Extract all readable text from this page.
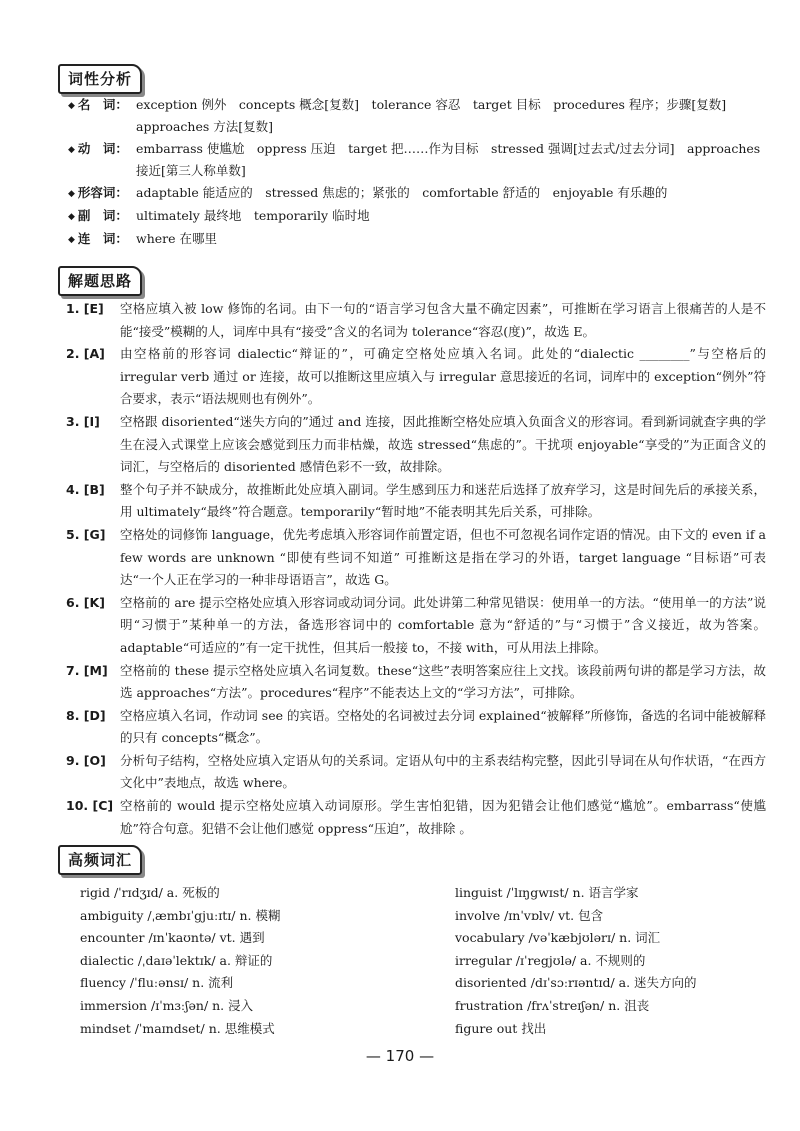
词性分析
◆ 名　词： exception 例外　concepts 概念[复数]　tolerance 容忍　target 目标　procedures 程序；步骤[复数]　approaches 方法[复数]
◆ 动　词： embarrass 使尴尬　oppress 压迫　target 把……作为目标　stressed 强调[过去式/过去分词]　approaches 接近[第三人称单数]
◆ 形容词： adaptable 能适应的　stressed 焦虑的；紧张的　comfortable 舒适的　enjoyable 有乐趣的
◆ 副　词： ultimately 最终地　temporarily 临时地
◆ 连　词： where 在哪里
解题思路
1. [E]	空格应填入被 low 修饰的名词。由下一句的“语言学习包含大量不确定因素”，可推断在学习语言上很痛苦的人是不能“接受”模糊的人，词库中具有“接受”含义的名词为 tolerance“容忍(度)”，故选 E。
2. [A]	由空格前的形容词 dialectic“辩证的”，可确定空格处应填入名词。此处的“dialectic ________”与空格后的 irregular verb 通过 or 连接，故可以推断这里应填入与 irregular 意思接近的名词，词库中的 exception“例外”符合要求，表示“语法规则也有例外”。
3. [I]	空格跟 disoriented“迷失方向的”通过 and 连接，因此推断空格处应填入负面含义的形容词。看到新词就查字典的学生在浸入式课堂上应该会感觉到压力而非枯燥，故选 stressed“焦虑的”。干扰项 enjoyable“享受的”为正面含义的词汇，与空格后的 disoriented 感情色彩不一致，故排除。
4. [B]	整个句子并不缺成分，故推断此处应填入副词。学生感到压力和迷茫后选择了放弃学习，这是时间先后的承接关系，用 ultimately“最终”符合题意。temporarily“暂时地”不能表明其先后关系，可排除。
5. [G]	空格处的词修饰 language，优先考虑填入形容词作前置定语，但也不可忽视名词作定语的情况。由下文的 even if a few words are unknown “即使有些词不知道” 可推断这是指在学习的外语，target language “目标语”可表达“一个人正在学习的一种非母语语言”，故选 G。
6. [K]	空格前的 are 提示空格处应填入形容词或动词分词。此处讲第二种常见错误：使用单一的方法。“使用单一的方法”说明“习惯于”某种单一的方法，备选形容词中的 comfortable 意为“舒适的”与“习惯于”含义接近，故为答案。adaptable“可适应的”有一定干扰性，但其后一般接 to，不接 with，可从用法上排除。
7. [M] 空格前的 these 提示空格处应填入名词复数。these“这些”表明答案应往上文找。该段前两句讲的都是学习方法，故选 approaches“方法”。procedures“程序”不能表达上文的“学习方法”，可排除。
8. [D]	空格应填入名词，作动词 see 的宾语。空格处的名词被过去分词 explained“被解释”所修饰，备选的名词中能被解释的只有 concepts“概念”。
9. [O]	分析句子结构，空格处应填入定语从句的关系词。定语从句中的主系表结构完整，因此引导词在从句作状语，“在西方文化中”表地点，故选 where。
10. [C] 空格前的 would 提示空格处应填入动词原形。学生害怕犯错，因为犯错会让他们感觉“尴尬”。embarrass“使尴尬”符合句意。犯错不会让他们感觉 oppress“压迫”，故排除 。
高频词汇
rigid /ˈrɪdʒɪd/ a. 死板的
ambiguity /ˌæmbɪˈgjuːɪtɪ/ n. 模糊
encounter /ɪnˈkaʊntə/ vt. 遇到
dialectic /ˌdaɪəˈlektɪk/ a. 辩证的
fluency /ˈfluːənsɪ/ n. 流利
immersion /ɪˈmɜːʃən/ n. 浸入
mindset /ˈmaɪndset/ n. 思维模式
linguist /ˈlɪŋgwɪst/ n. 语言学家
involve /ɪnˈvɒlv/ vt. 包含
vocabulary /vəˈkæbjʊlərɪ/ n. 词汇
irregular /ɪˈregjʊlə/ a. 不规则的
disoriented /dɪˈsɔːrɪəntɪd/ a. 迷失方向的
frustration /frʌˈstreɪʃən/ n. 沮丧
figure out 找出
— 170 —
